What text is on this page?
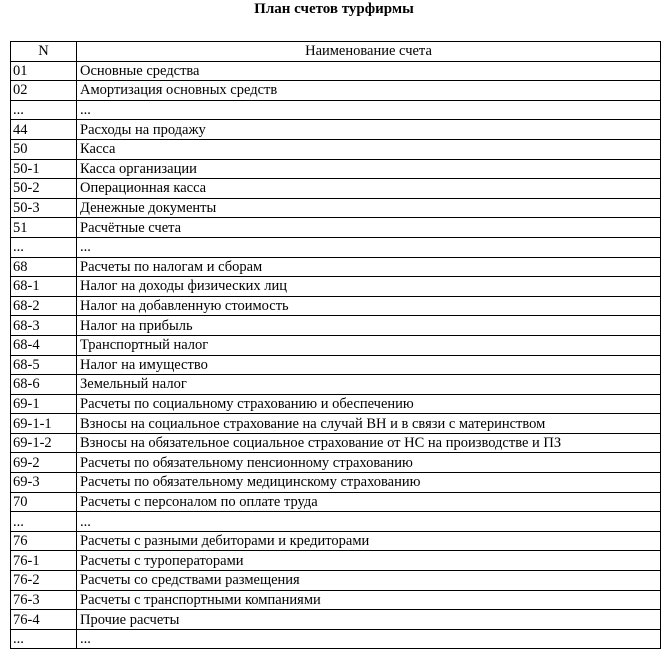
План счетов турфирмы
N	Наименование счета
01	Основные средства
02	Амортизация основных средств
...	...
44	Расходы на продажу
50	Касса
50-1	Касса организации
50-2	Операционная касса
50-3	Денежные документы
51	Расчётные счета
...	...
68	Расчеты по налогам и сборам
68-1	Налог на доходы физических лиц
68-2	Налог на добавленную стоимость
68-3	Налог на прибыль
68-4	Транспортный налог
68-5	Налог на имущество
68-6	Земельный налог
69-1	Расчеты по социальному страхованию и обеспечению
69-1-1	Взносы на социальное страхование на случай ВН и в связи с материнством
69-1-2	Взносы на обязательное социальное страхование от НС на производстве и ПЗ
69-2	Расчеты по обязательному пенсионному страхованию
69-3	Расчеты по обязательному медицинскому страхованию
70	Расчеты с персоналом по оплате труда
...	...
76	Расчеты с разными дебиторами и кредиторами
76-1	Расчеты с туроператорами
76-2	Расчеты со средствами размещения
76-3	Расчеты с транспортными компаниями
76-4	Прочие расчеты
...	...
